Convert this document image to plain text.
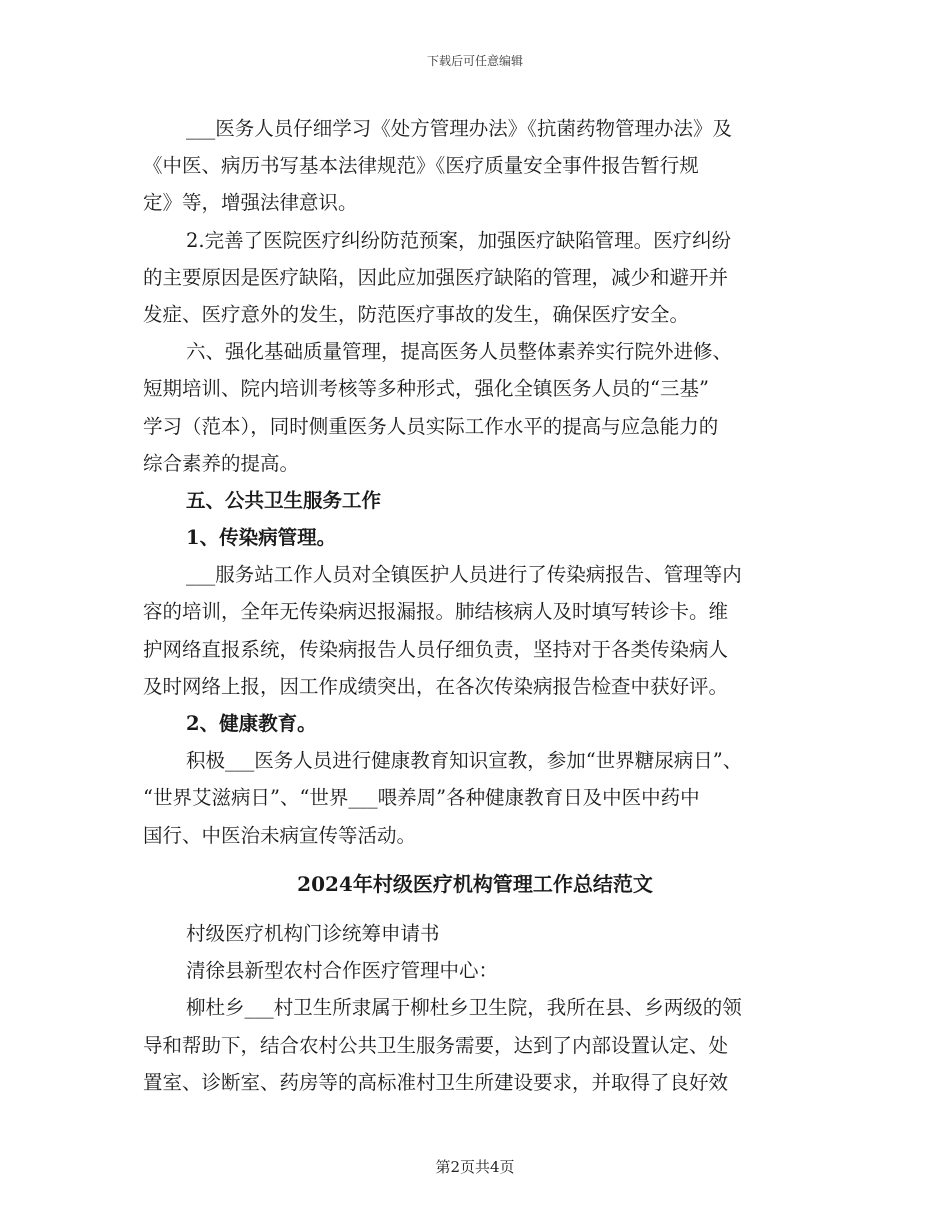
下载后可任意编辑
___医务人员仔细学习《处方管理办法》《抗菌药物管理办法》及
《中医、病历书写基本法律规范》《医疗质量安全事件报告暂行规
定》等，增强法律意识。
2.完善了医院医疗纠纷防范预案，加强医疗缺陷管理。医疗纠纷
的主要原因是医疗缺陷，因此应加强医疗缺陷的管理，减少和避开并
发症、医疗意外的发生，防范医疗事故的发生，确保医疗安全。
六、强化基础质量管理，提高医务人员整体素养实行院外进修、
短期培训、院内培训考核等多种形式，强化全镇医务人员的“三基”
学习（范本），同时侧重医务人员实际工作水平的提高与应急能力的
综合素养的提高。
五、公共卫生服务工作
1、传染病管理。
___服务站工作人员对全镇医护人员进行了传染病报告、管理等内
容的培训，全年无传染病迟报漏报。肺结核病人及时填写转诊卡。维
护网络直报系统，传染病报告人员仔细负责，坚持对于各类传染病人
及时网络上报，因工作成绩突出，在各次传染病报告检查中获好评。
2、健康教育。
积极___医务人员进行健康教育知识宣教，参加“世界糖尿病日”、
“世界艾滋病日”、“世界___喂养周”各种健康教育日及中医中药中
国行、中医治未病宣传等活动。
2024年村级医疗机构管理工作总结范文
村级医疗机构门诊统筹申请书
清徐县新型农村合作医疗管理中心：
柳杜乡___村卫生所隶属于柳杜乡卫生院，我所在县、乡两级的领
导和帮助下，结合农村公共卫生服务需要，达到了内部设置认定、处
置室、诊断室、药房等的高标准村卫生所建设要求，并取得了良好效
第2页共4页
